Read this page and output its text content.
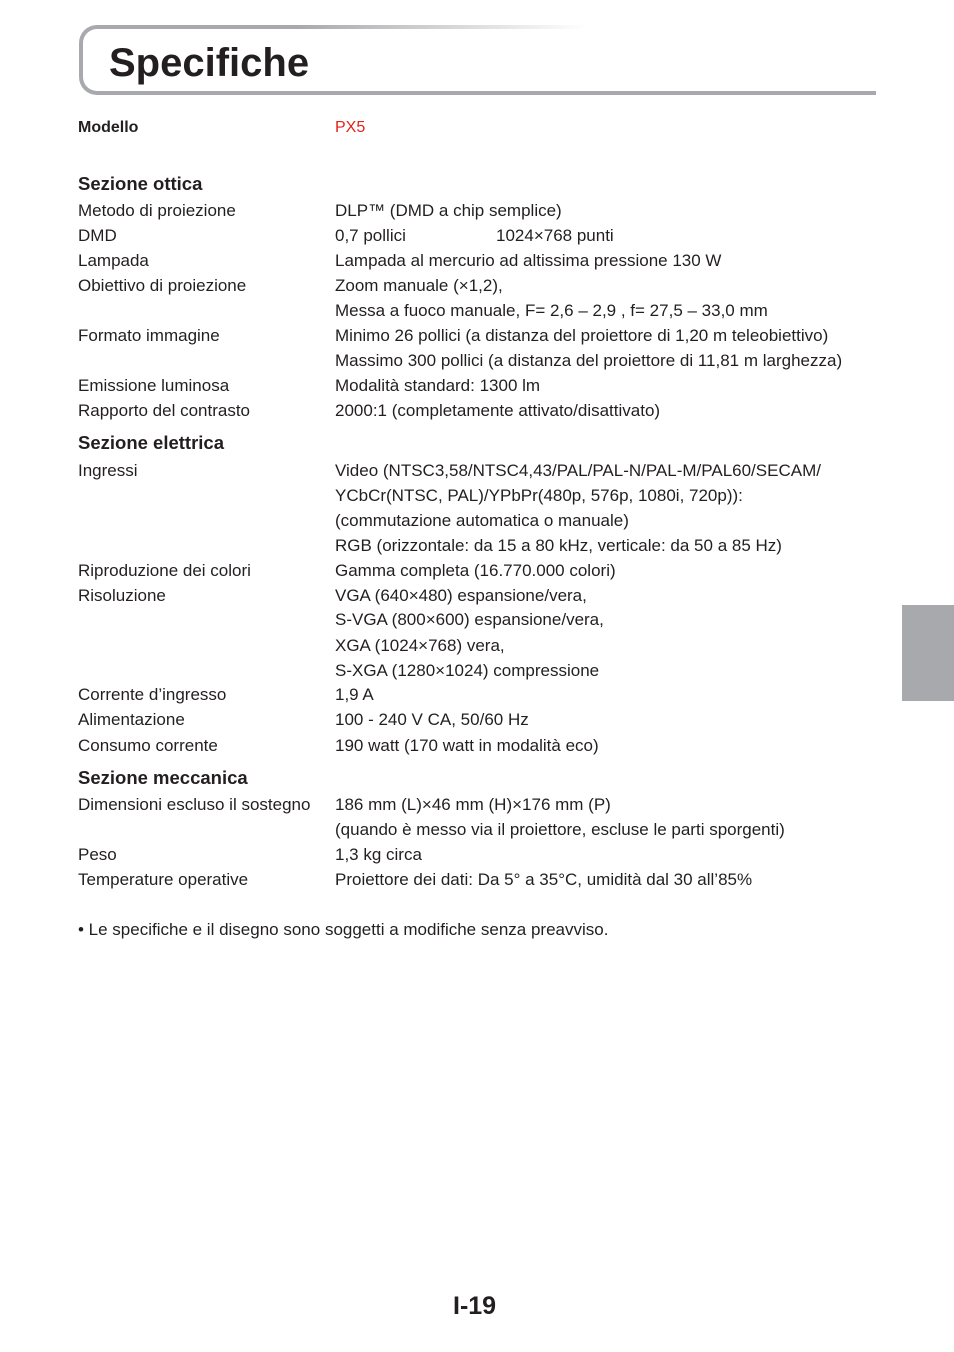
Specifiche
Modello	PX5
Sezione ottica
Metodo di proiezione	DLP™ (DMD a chip semplice)
DMD	0,7 pollici	1024×768 punti
Lampada	Lampada al mercurio ad altissima pressione 130 W
Obiettivo di proiezione	Zoom manuale (×1,2),
Messa a fuoco manuale, F= 2,6 – 2,9 , f= 27,5 – 33,0 mm
Formato immagine	Minimo 26 pollici (a distanza del proiettore di 1,20 m teleobiettivo)
Massimo 300 pollici (a distanza del proiettore di 11,81 m larghezza)
Emissione luminosa	Modalità standard: 1300 lm
Rapporto del contrasto	2000:1 (completamente attivato/disattivato)
Sezione elettrica
Ingressi	Video (NTSC3,58/NTSC4,43/PAL/PAL-N/PAL-M/PAL60/SECAM/
YCbCr(NTSC, PAL)/YPbPr(480p, 576p, 1080i, 720p)):
(commutazione automatica o manuale)
RGB (orizzontale: da 15 a 80 kHz, verticale: da 50 a 85 Hz)
Riproduzione dei colori	Gamma completa (16.770.000 colori)
Risoluzione	VGA (640×480) espansione/vera,
S-VGA (800×600) espansione/vera,
XGA (1024×768) vera,
S-XGA (1280×1024) compressione
Corrente d’ingresso	1,9 A
Alimentazione	100 - 240 V CA, 50/60 Hz
Consumo corrente	190 watt (170 watt in modalità eco)
Sezione meccanica
Dimensioni escluso il sostegno 186 mm (L)×46 mm (H)×176 mm (P)
(quando è messo via il proiettore, escluse le parti sporgenti)
Peso	1,3 kg circa
Temperature operative	Proiettore dei dati: Da 5° a 35°C, umidità dal 30 all’85%
• Le specifiche e il disegno sono soggetti a modifiche senza preavviso.
I-19
